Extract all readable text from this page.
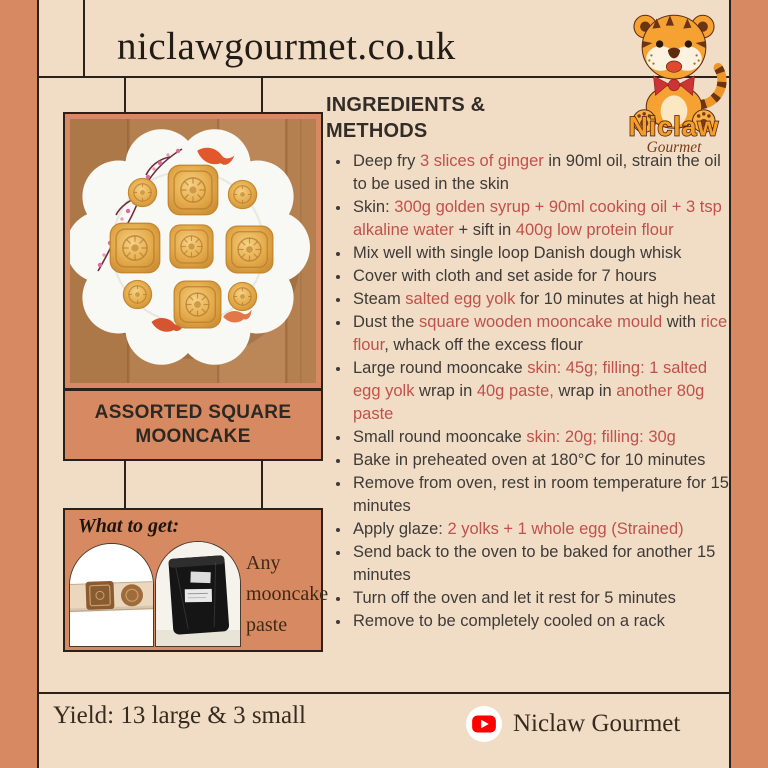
niclawgourmet.co.uk
Niclaw
Gourmet
ASSORTED SQUARE MOONCAKE
What to get:
Any mooncake paste
INGREDIENTS & METHODS
• Deep fry 3 slices of ginger in 90ml oil, strain the oil to be used in the skin
• Skin: 300g golden syrup + 90ml cooking oil + 3 tsp alkaline water + sift in 400g low protein flour
• Mix well with single loop Danish dough whisk
• Cover with cloth and set aside for 7 hours
• Steam salted egg yolk for 10 minutes at high heat
• Dust the square wooden mooncake mould with rice flour, whack off the excess flour
• Large round mooncake skin: 45g; filling: 1 salted egg yolk wrap in 40g paste, wrap in another 80g paste
• Small round mooncake skin: 20g; filling: 30g
• Bake in preheated oven at 180°C for 10 minutes
• Remove from oven, rest in room temperature for 15 minutes
• Apply glaze: 2 yolks + 1 whole egg (Strained)
• Send back to the oven to be baked for another 15 minutes
• Turn off the oven and let it rest for 5 minutes
• Remove to be completely cooled on a rack
Yield: 13 large & 3 small	Niclaw Gourmet
